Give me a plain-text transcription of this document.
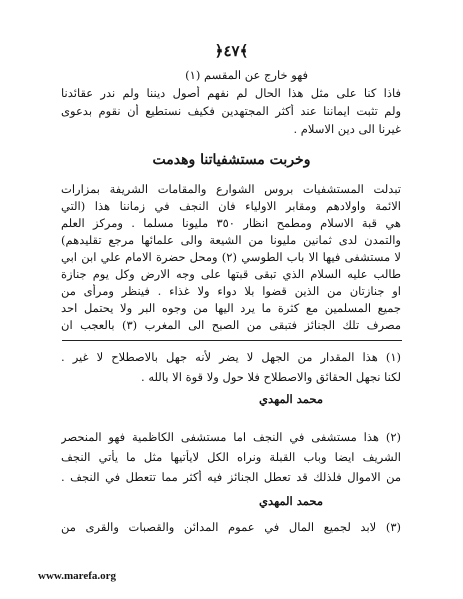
﴿٤٧﴾
فهو خارج عن المقسم (١)
فاذا كنا على مثل هذا الحال لم نفهم أصول ديننا ولم ندر عقائدنا
ولم تثبت ايماننا عند أكثر المجتهدين فكيف نستطيع أن نقوم بدعوى
غيرنا الى دين الاسلام .
وخربت مستشفياتنا وهدمت
تبدلت المستشفيات بروس الشوارع والمقامات الشريفة بمزارات
الائمة واولادهم ومقابر الاولياء فان النجف في زماننا هذا (التي
هي قبة الاسلام ومطمح انظار ٣٥٠ مليونا مسلما . ومركز العلم
والتمدن لدى ثمانين مليونا من الشيعة والى علمائها مرجع تقليدهم)
لا مستشفى فيها الا باب الطوسي (٢) ومحل حضرة الامام علي ابن ابي
طالب عليه السلام الذي تبقى قبتها على وجه الارض وكل يوم جنازة
او جنازتان من الذين قضوا بلا دواء ولا غذاء . فينظر ومرأى من
جميع المسلمين مع كثرة ما يرد اليها من وجوه البر ولا يحتمل احد
مصرف تلك الجنائز فتبقى من الصبح الى المغرب (٣) بالعجب ان
(١) هذا المقدار من الجهل لا يضر لأنه جهل بالاصطلاح لا غير .
لكنا نجهل الحقائق والاصطلاح فلا حول ولا قوة الا بالله .
محمد المهدي
(٢) هذا مستشفى في النجف اما مستشفى الكاظمية فهو المنحصر
الشريف ايضا وباب القبلة ونراه الكل لايأتيها مثل ما يأتي النجف
من الاموال فلذلك قد تعطل الجنائز فيه أكثر مما تتعطل في النجف .
محمد المهدي
(٣) لابد لجميع المال في عموم المدائن والقصبات والقرى من
www.marefa.org
